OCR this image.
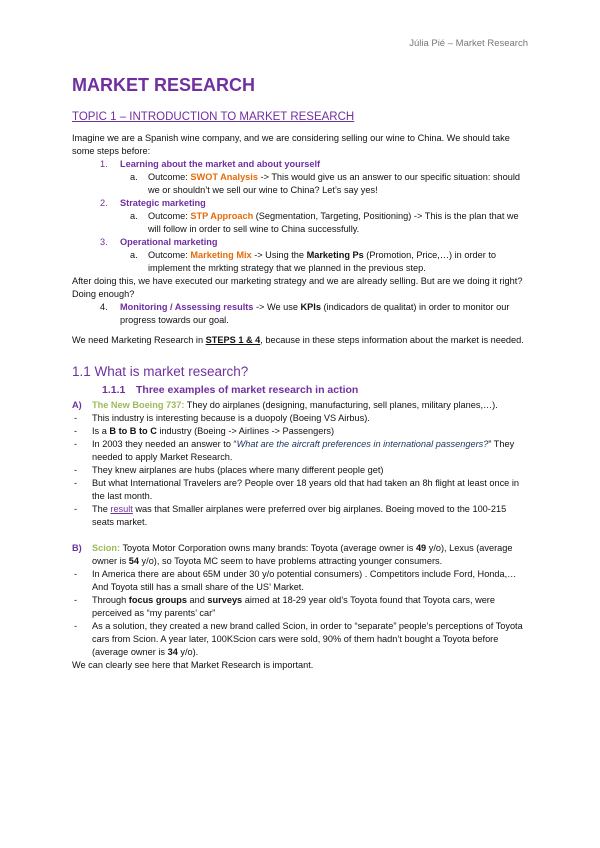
Júlia Pié – Market Research
MARKET RESEARCH
TOPIC 1 – INTRODUCTION TO MARKET RESEARCH

Imagine we are a Spanish wine company, and we are considering selling our wine to China. We should take some steps before:

1. Learning about the market and about yourself
a. Outcome: SWOT Analysis -> This would give us an answer to our specific situation: should we or shouldn’t we sell our wine to China? Let’s say yes!
2. Strategic marketing
a. Outcome: STP Approach (Segmentation, Targeting, Positioning) -> This is the plan that we will follow in order to sell wine to China successfully.
3. Operational marketing
a. Outcome: Marketing Mix -> Using the Marketing Ps (Promotion, Price,…) in order to implement the mrkting strategy that we planned in the previous step.

After doing this, we have executed our marketing strategy and we are already selling. But are we doing it right? Doing enough?

4. Monitoring / Assessing results -> We use KPIs (indicadors de qualitat) in order to monitor our progress towards our goal.

We need Marketing Research in STEPS 1 & 4, because in these steps information about the market is needed.

1.1 What is market research?
1.1.1 Three examples of market research in action
A) The New Boeing 737: They do airplanes (designing, manufacturing, sell planes, military planes,…).
- This industry is interesting because is a duopoly (Boeing VS Airbus).
- Is a B to B to C industry (Boeing -> Airlines -> Passengers)
- In 2003 they needed an answer to “What are the aircraft preferences in international passengers?” They needed to apply Market Research.
- They knew airplanes are hubs (places where many different people get)
- But what International Travelers are? People over 18 years old that had taken an 8h flight at least once in the last month.
- The result was that Smaller airplanes were preferred over big airplanes. Boeing moved to the 100-215 seats market.
B) Scion: Toyota Motor Corporation owns many brands: Toyota (average owner is 49 y/o), Lexus (average owner is 54 y/o), so Toyota MC seem to have problems attracting younger consumers.
- In America there are about 65M under 30 y/o potential consumers) . Competitors include Ford, Honda,… And Toyota still has a small share of the US’ Market.
- Through focus groups and surveys aimed at 18-29 year old’s Toyota found that Toyota cars, were perceived as “my parents’ car”
- As a solution, they created a new brand called Scion, in order to “separate” people’s perceptions of Toyota cars from Scion. A year later, 100KScion cars were sold, 90% of them hadn’t bought a Toyota before (average owner is 34 y/o).

We can clearly see here that Market Research is important.
